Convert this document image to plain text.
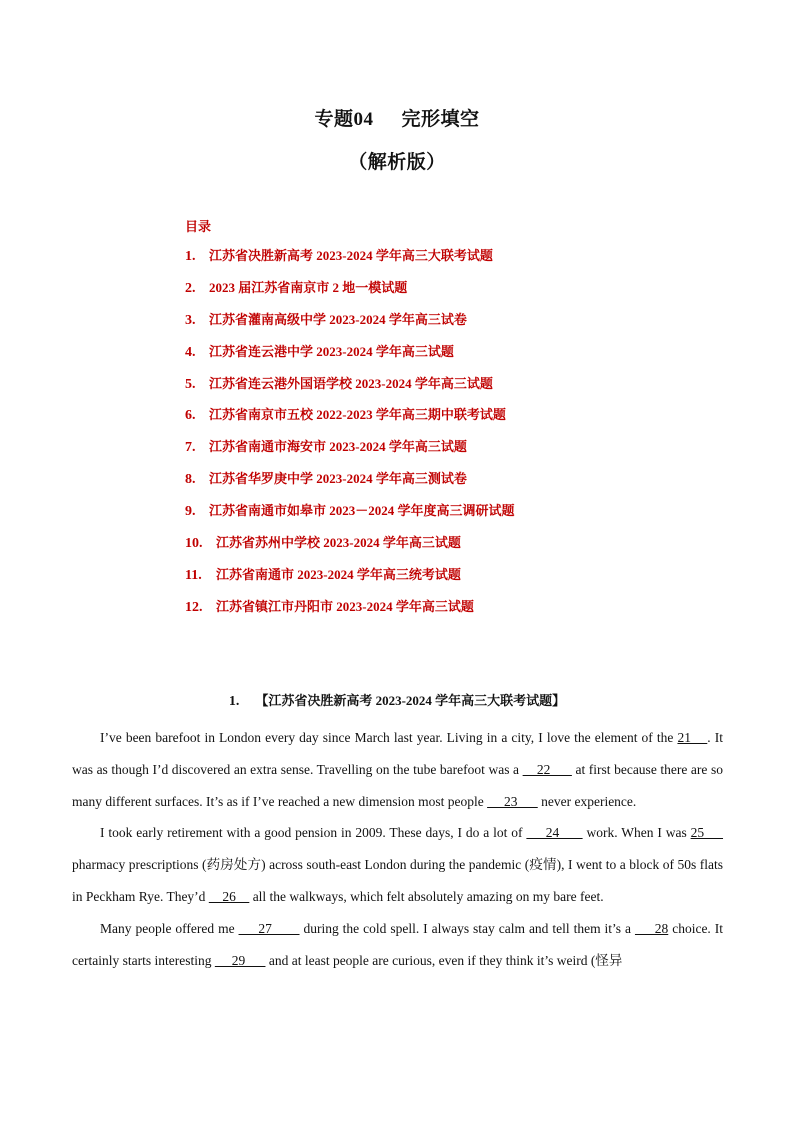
专题04 完形填空
（解析版）
目录
1. 江苏省决胜新高考 2023-2024 学年高三大联考试题
2. 2023 届江苏省南京市 2 地一模试题
3. 江苏省灌南高级中学 2023-2024 学年高三试卷
4. 江苏省连云港中学 2023-2024 学年高三试题
5. 江苏省连云港外国语学校 2023-2024 学年高三试题
6. 江苏省南京市五校 2022-2023 学年高三期中联考试题
7. 江苏省南通市海安市 2023-2024 学年高三试题
8. 江苏省华罗庚中学 2023-2024 学年高三测试卷
9. 江苏省南通市如皋市 2023－2024 学年度高三调研试题
10. 江苏省苏州中学校 2023-2024 学年高三试题
11. 江苏省南通市 2023-2024 学年高三统考试题
12. 江苏省镇江市丹阳市 2023-2024 学年高三试题
1. 【江苏省决胜新高考 2023-2024 学年高三大联考试题】

I’ve been barefoot in London every day since March last year. Living in a city, I love the element of the 21    . It was as though I’d discovered an extra sense. Travelling on the tube barefoot was a     22       at first because there are so many different surfaces. It’s as if I’ve reached a new dimension most people      23       never experience.

I took early retirement with a good pension in 2009. These days, I do a lot of      24       work. When I was 25      pharmacy prescriptions (药房处方) across south-east London during the pandemic (疫情), I went to a block of 50s flats in Peckham Rye. They’d     26     all the walkways, which felt absolutely amazing on my bare feet.

Many people offered me      27        during the cold spell. I always stay calm and tell them it’s a      28 choice. It certainly starts interesting      29       and at least people are curious, even if they think it’s weird (怪异
